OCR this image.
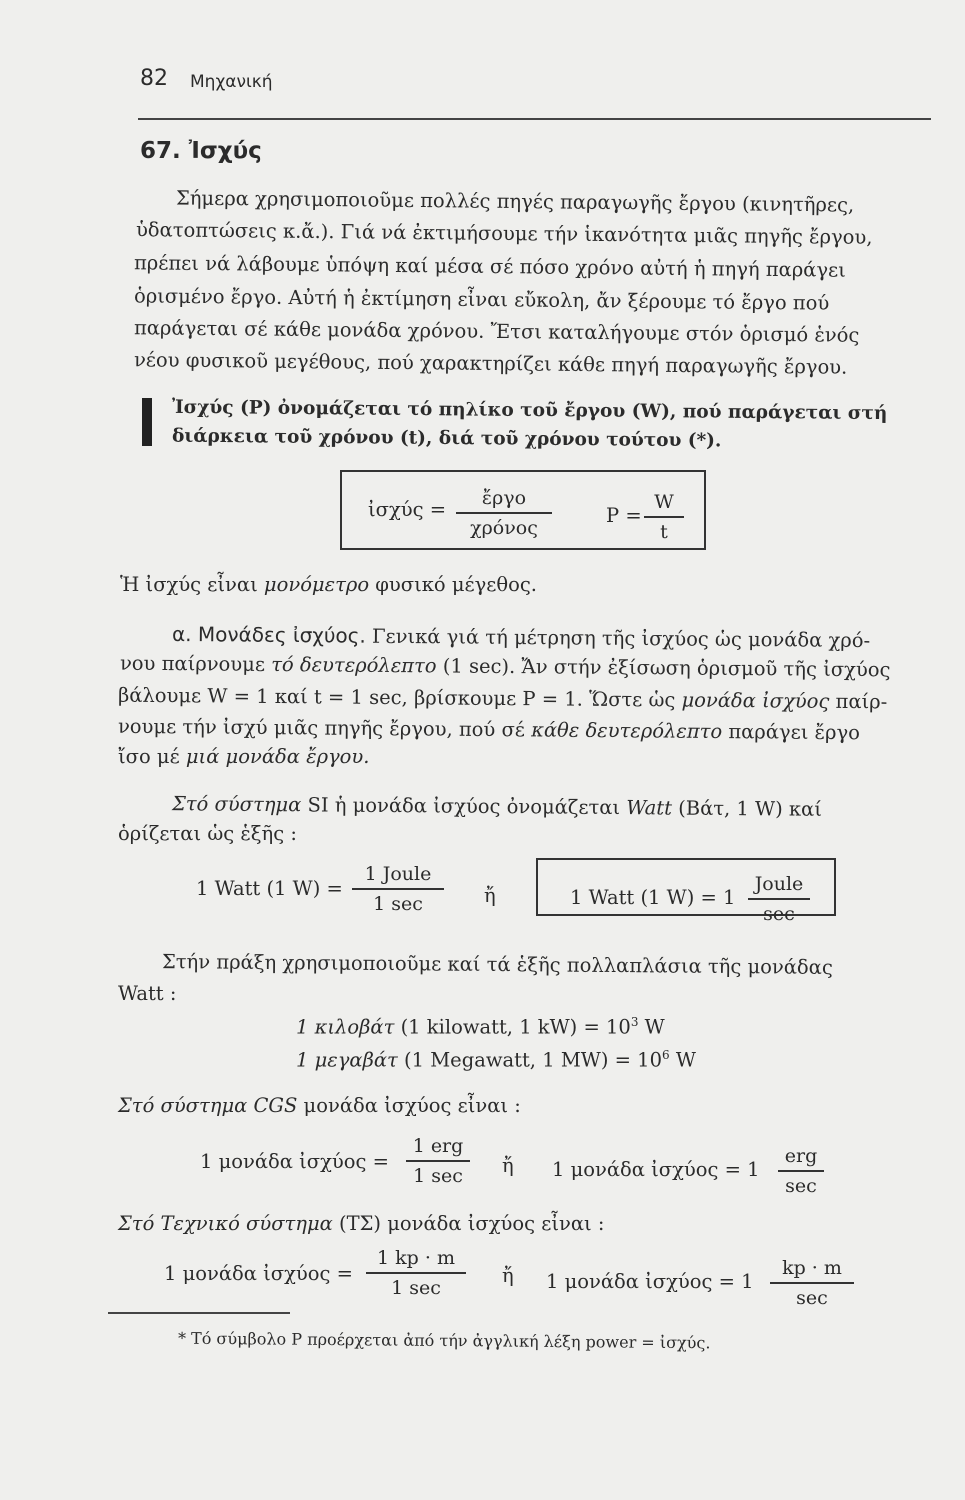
82 Μηχανική
67. Ἰσχύς
Σήμερα χρησιμοποιοῦμε πολλές πηγές παραγωγῆς ἔργου (κινητῆρες,
ὑδατοπτώσεις κ.ἄ.). Γιά νά ἐκτιμήσουμε τήν ἱκανότητα μιᾶς πηγῆς ἔργου,
πρέπει νά λάβουμε ὑπόψη καί μέσα σέ πόσο χρόνο αὐτή ἡ πηγή παράγει
ὁρισμένο ἔργο. Αὐτή ἡ ἐκτίμηση εἶναι εὔκολη, ἄν ξέρουμε τό ἔργο πού
παράγεται σέ κάθε μονάδα χρόνου. Ἔτσι καταλήγουμε στόν ὁρισμό ἑνός
νέου φυσικοῦ μεγέθους, πού χαρακτηρίζει κάθε πηγή παραγωγῆς ἔργου.
Ἰσχύς (P) ὀνομάζεται τό πηλίκο τοῦ ἔργου (W), πού παράγεται στή
διάρκεια τοῦ χρόνου (t), διά τοῦ χρόνου τούτου (*).
ἰσχύς =	ἔργο
χρόνος
P =
W
t
Ἡ ἰσχύς εἶναι μονόμετρο φυσικό μέγεθος.
α. Μονάδες ἰσχύος. Γενικά γιά τή μέτρηση τῆς ἰσχύος ὡς μονάδα χρό-
νου παίρνουμε τό δευτερόλεπτο (1 sec). Ἄν στήν ἐξίσωση ὁρισμοῦ τῆς ἰσχύος
βάλουμε W = 1 καί t = 1 sec, βρίσκουμε P = 1. Ὥστε ὡς μονάδα ἰσχύος παίρ-
νουμε τήν ἰσχύ μιᾶς πηγῆς ἔργου, πού σέ κάθε δευτερόλεπτο παράγει ἔργο
ἴσο μέ μιά μονάδα ἔργου.
Στό σύστημα SI ἡ μονάδα ἰσχύος ὀνομάζεται Watt (Βάτ, 1 W) καί
ὁρίζεται ὡς ἑξῆς :
1 Watt (1 W) =
1 Joule
1 sec	ἤ	1 Watt (1 W) = 1
Joule
sec
Στήν πράξη χρησιμοποιοῦμε καί τά ἑξῆς πολλαπλάσια τῆς μονάδας
Watt :
1 κιλοβάτ (1 kilowatt, 1 $kW) = 10^3$ W
1 μεγαβάτ (1 Megawatt, 1 $MW) = 10^6$ W
Στό σύστημα CGS μονάδα ἰσχύος εἶναι :
1 μονάδα ἰσχύος =
1 erg
1 sec	ἤ 1 μονάδα ἰσχύος = 1
erg
sec
Στό Τεχνικό σύστημα (ΤΣ) μονάδα ἰσχύος εἶναι :
1 μονάδα ἰσχύος =
1 kp · m
1 sec
ἤ 1 μονάδα ἰσχύος = 1
kp · m
sec
* Τό σύμβολο P προέρχεται ἀπό τήν ἀγγλική λέξη power = ἰσχύς.
